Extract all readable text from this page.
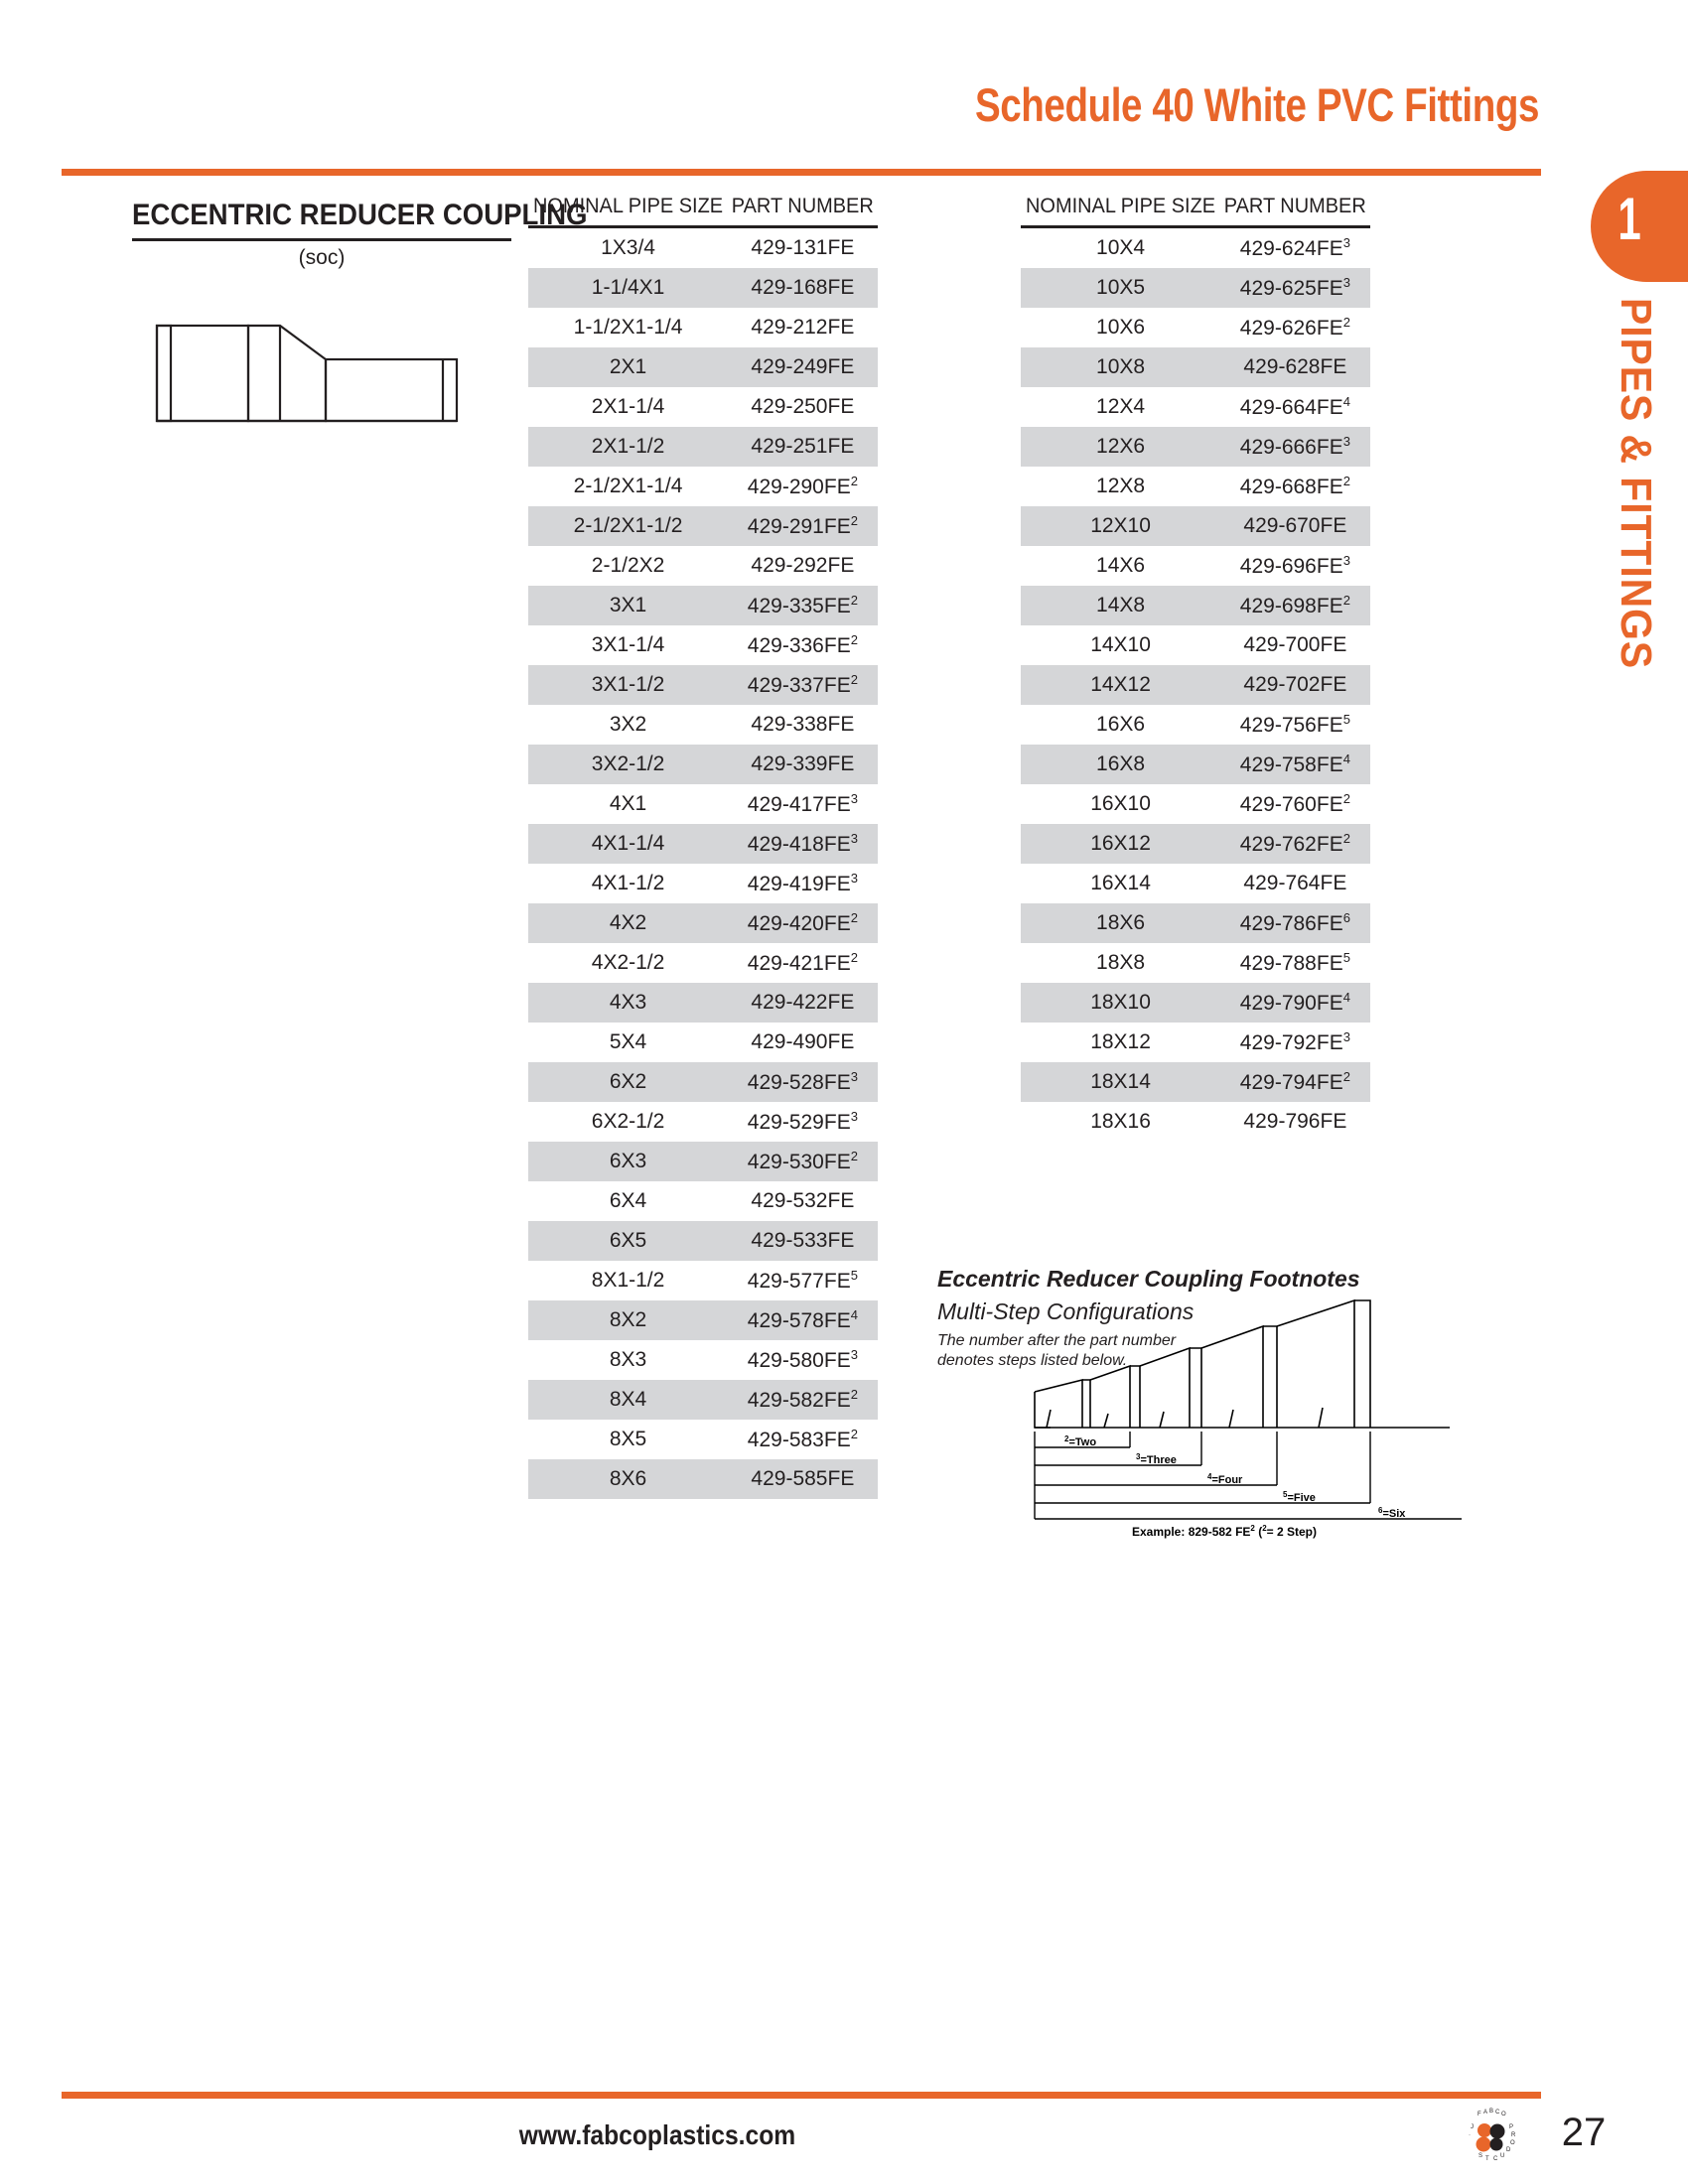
Schedule 40 White PVC Fittings
1
PIPES & FITTINGS
ECCENTRIC REDUCER COUPLING
(soc)
NOMINAL PIPE SIZE	PART NUMBER
1X3/4	429-131FE
1-1/4X1	429-168FE
1-1/2X1-1/4	429-212FE
2X1	429-249FE
2X1-1/4	429-250FE
2X1-1/2	429-251FE
2-1/2X1-1/4	$429-290FE^2$
2-1/2X1-1/2	$429-291FE^2$
2-1/2X2	429-292FE
3X1	$429-335FE^2$
3X1-1/4	$429-336FE^2$
3X1-1/2	$429-337FE^2$
3X2	429-338FE
3X2-1/2	429-339FE
4X1	$429-417FE^3$
4X1-1/4	$429-418FE^3$
4X1-1/2	$429-419FE^3$
4X2	$429-420FE^2$
4X2-1/2	$429-421FE^2$
4X3	429-422FE
5X4	429-490FE
6X2	$429-528FE^3$
6X2-1/2	$429-529FE^3$
6X3	$429-530FE^2$
6X4	429-532FE
6X5	429-533FE
8X1-1/2	$429-577FE^5$
8X2	$429-578FE^4$
8X3	$429-580FE^3$
8X4	$429-582FE^2$
8X5	$429-583FE^2$
8X6	429-585FE
NOMINAL PIPE SIZE	PART NUMBER
10X4	$429-624FE^3$
10X5	$429-625FE^3$
10X6	$429-626FE^2$
10X8	429-628FE
12X4	$429-664FE^4$
12X6	$429-666FE^3$
12X8	$429-668FE^2$
12X10	429-670FE
14X6	$429-696FE^3$
14X8	$429-698FE^2$
14X10	429-700FE
14X12	429-702FE
16X6	$429-756FE^5$
16X8	$429-758FE^4$
16X10	$429-760FE^2$
16X12	$429-762FE^2$
16X14	429-764FE
18X6	$429-786FE^6$
18X8	$429-788FE^5$
18X10	$429-790FE^4$
18X12	$429-792FE^3$
18X14	$429-794FE^2$
18X16	429-796FE
Eccentric Reducer Coupling Footnotes
Multi-Step Configurations
The number after the part number denotes steps listed below.
$^2$=Two
$^3$=Three
$^4$=Four
$^5$=Five
$^6$=Six
Example: 829-582 $FE^2$ ($^2$= 2 Step)
www.fabcoplastics.com
F A B C O
P
R
O
D
U
C
T
S
J
·	27
